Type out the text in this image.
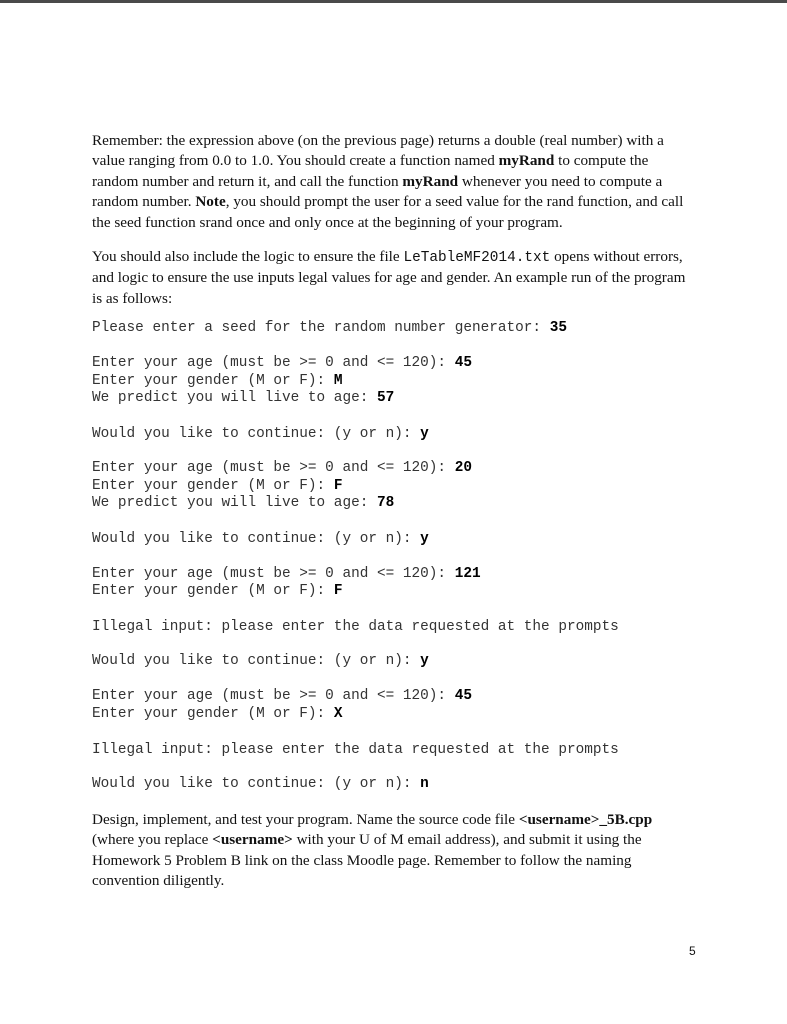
Remember: the expression above (on the previous page) returns a double (real number) with a value ranging from 0.0 to 1.0. You should create a function named myRand to compute the random number and return it, and call the function myRand whenever you need to compute a random number. Note, you should prompt the user for a seed value for the rand function, and call the seed function srand once and only once at the beginning of your program.

You should also include the logic to ensure the file LeTableMF2014.txt opens without errors, and logic to ensure the use inputs legal values for age and gender. An example run of the program is as follows:

Please enter a seed for the random number generator: 35
Enter your age (must be >= 0 and <= 120): 45
Enter your gender (M or F): M
We predict you will live to age: 57
Would you like to continue: (y or n): y
Enter your age (must be >= 0 and <= 120): 20
Enter your gender (M or F): F
We predict you will live to age: 78
Would you like to continue: (y or n): y
Enter your age (must be >= 0 and <= 120): 121
Enter your gender (M or F): F
Illegal input: please enter the data requested at the prompts
Would you like to continue: (y or n): y
Enter your age (must be >= 0 and <= 120): 45
Enter your gender (M or F): X
Illegal input: please enter the data requested at the prompts
Would you like to continue: (y or n): n

Design, implement, and test your program. Name the source code file <username>_5B.cpp (where you replace <username> with your U of M email address), and submit it using the Homework 5 Problem B link on the class Moodle page. Remember to follow the naming convention diligently.

5
